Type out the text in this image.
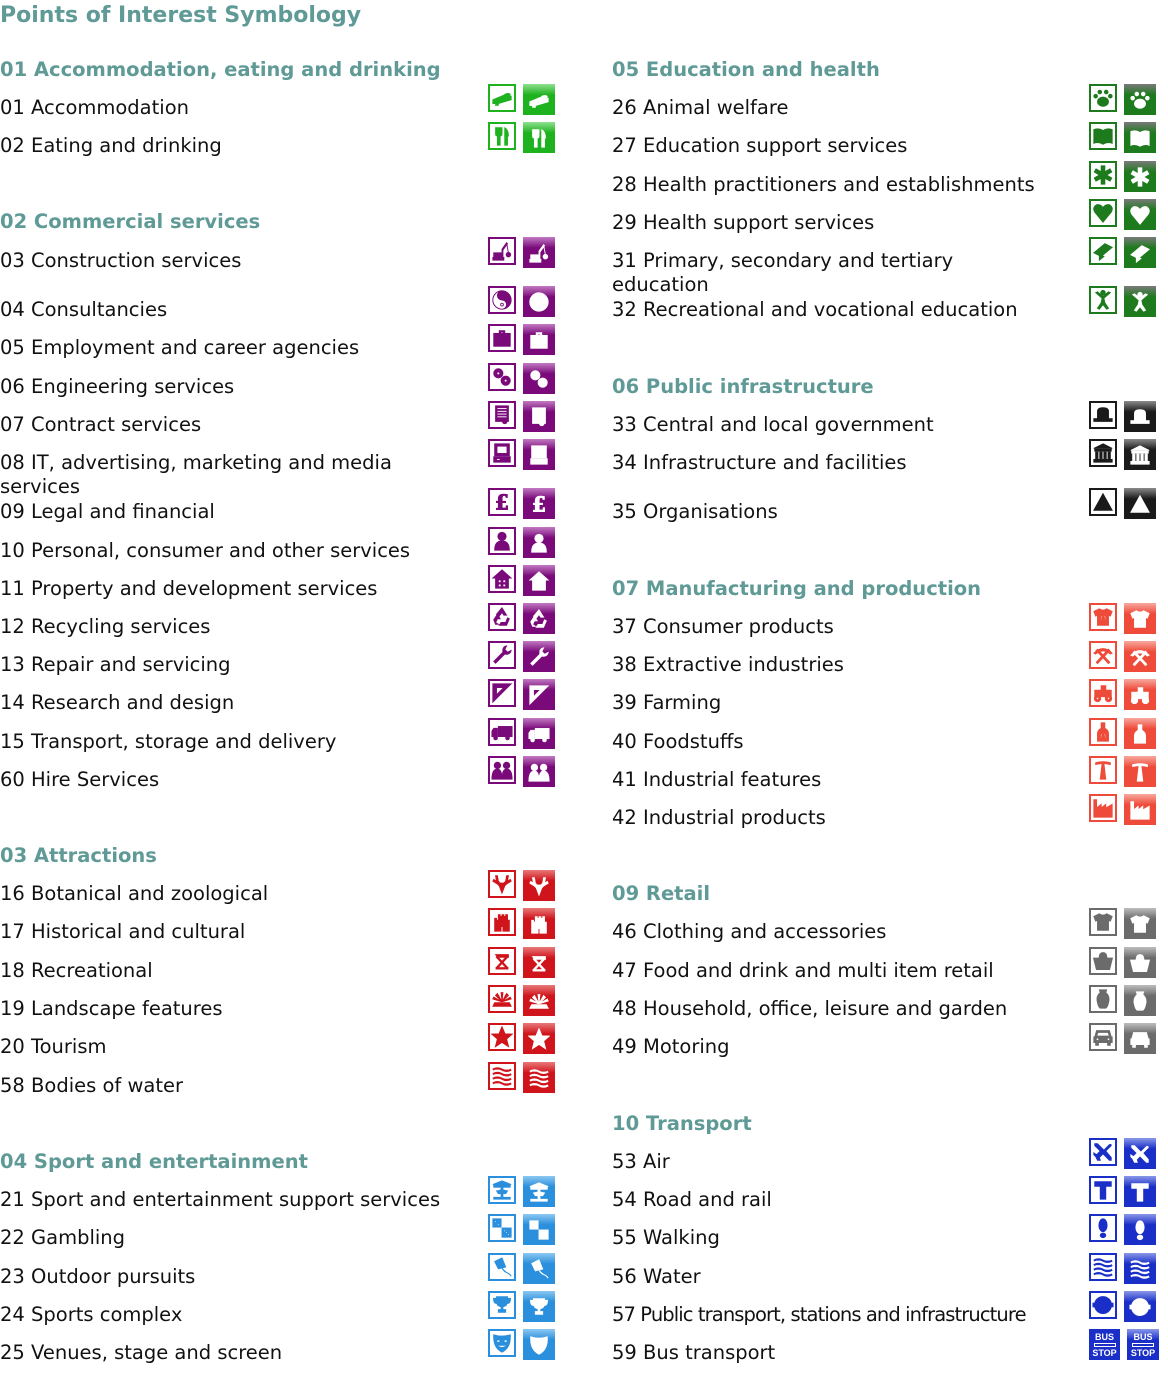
Points of Interest Symbology
01 Accommodation, eating and drinking
01 Accommodation
02 Eating and drinking
02 Commercial services
03 Construction services
04 Consultancies
05 Employment and career agencies
06 Engineering services
07 Contract services
08 IT, advertising, marketing and media services
09 Legal and financial
10 Personal, consumer and other services
11 Property and development services
12 Recycling services
13 Repair and servicing
14 Research and design
15 Transport, storage and delivery
60 Hire Services
03 Attractions
16 Botanical and zoological
17 Historical and cultural
18 Recreational
19 Landscape features
20 Tourism
58 Bodies of water
04 Sport and entertainment
21 Sport and entertainment support services
22 Gambling
23 Outdoor pursuits
24 Sports complex
25 Venues, stage and screen
05 Education and health
26 Animal welfare
27 Education support services
28 Health practitioners and establishments
29 Health support services
31 Primary, secondary and tertiary education
32 Recreational and vocational education
06 Public infrastructure
33 Central and local government
34 Infrastructure and facilities
35 Organisations
07 Manufacturing and production
37 Consumer products
38 Extractive industries
39 Farming
40 Foodstuffs
41 Industrial features
42 Industrial products
09 Retail
46 Clothing and accessories
47 Food and drink and multi item retail
48 Household, office, leisure and garden
49 Motoring
10 Transport
53 Air
54 Road and rail
55 Walking
56 Water
57 Public transport, stations and infrastructure
59 Bus transport
BUS
STOP
BUS
STOP
